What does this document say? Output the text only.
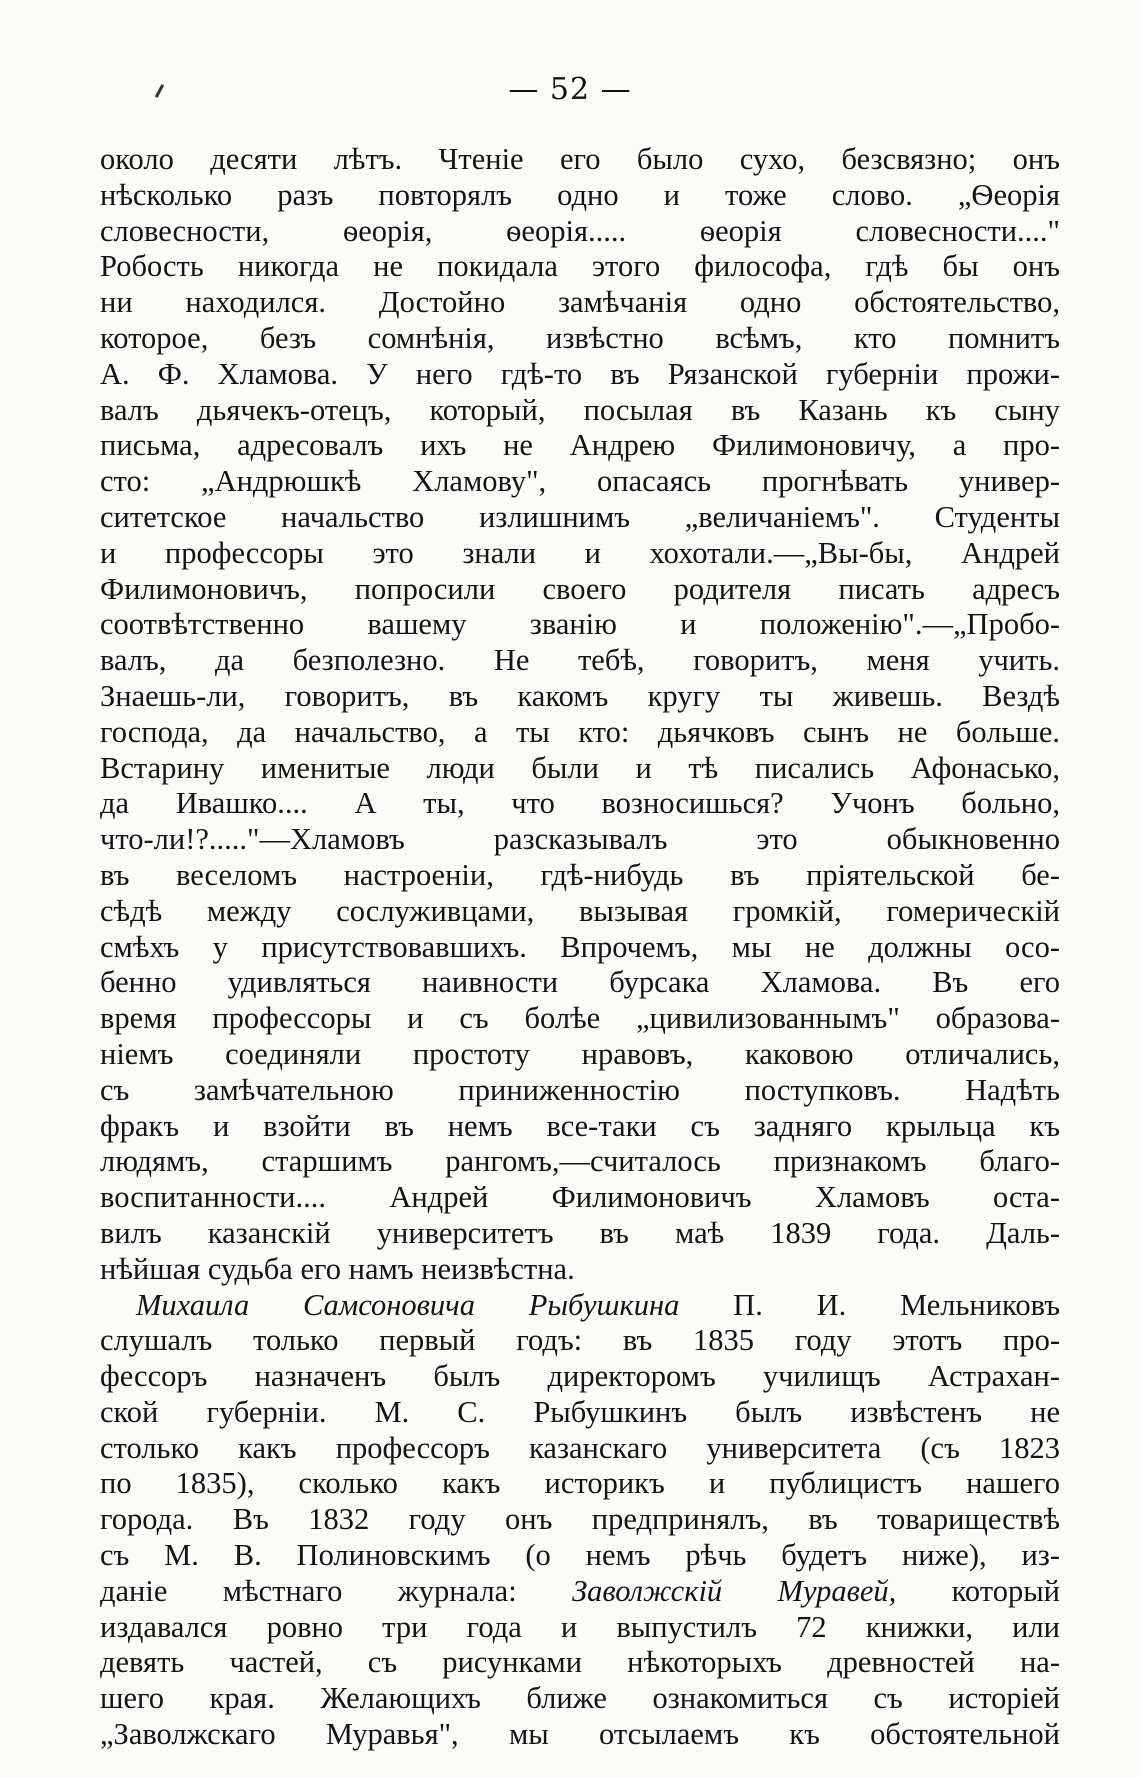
— 52 —
около десяти лѣтъ. Чтеніе его было сухо, безсвязно; онъ
нѣсколько разъ повторялъ одно и тоже слово. „Ѳеорія
словесности, ѳеорія, ѳеорія..... ѳеорія словесности...."
Робость никогда не покидала этого философа, гдѣ бы онъ
ни находился. Достойно замѣчанія одно обстоятельство,
которое, безъ сомнѣнія, извѣстно всѣмъ, кто помнитъ
А. Ф. Хламова. У него гдѣ-то въ Рязанской губерніи прожи-
валъ дьячекъ-отецъ, который, посылая въ Казань къ сыну
письма, адресовалъ ихъ не Андрею Филимоновичу, а про-
сто: „Андрюшкѣ Хламову", опасаясь прогнѣвать универ-
ситетское начальство излишнимъ „величаніемъ". Студенты
и профессоры это знали и хохотали.—„Вы-бы, Андрей
Филимоновичъ, попросили своего родителя писать адресъ
соотвѣтственно вашему званію и положенію".—„Пробо-
валъ, да безполезно. Не тебѣ, говоритъ, меня учить.
Знаешь-ли, говоритъ, въ какомъ кругу ты живешь. Вездѣ
господа, да начальство, а ты кто: дьячковъ сынъ не больше.
Встарину именитые люди были и тѣ писались Афонасько,
да Ивашко.... А ты, что возносишься? Учонъ больно,
что-ли!?....."—Хламовъ разсказывалъ это обыкновенно
въ веселомъ настроеніи, гдѣ-нибудь въ пріятельской бе-
сѣдѣ между сослуживцами, вызывая громкій, гомерическій
смѣхъ у присутствовавшихъ. Впрочемъ, мы не должны осо-
бенно удивляться наивности бурсака Хламова. Въ его
время профессоры и съ болѣе „цивилизованнымъ" образова-
ніемъ соединяли простоту нравовъ, каковою отличались,
съ замѣчательною приниженностію поступковъ. Надѣть
фракъ и взойти въ немъ все-таки съ задняго крыльца къ
людямъ, старшимъ рангомъ,—считалось признакомъ благо-
воспитанности.... Андрей Филимоновичъ Хламовъ оста-
вилъ казанскій университетъ въ маѣ 1839 года. Даль-
нѣйшая судьба его намъ неизвѣстна.
Михаила Самсоновича Рыбушкина П. И. Мельниковъ
слушалъ только первый годъ: въ 1835 году этотъ про-
фессоръ назначенъ былъ директоромъ училищъ Астрахан-
ской губерніи. М. С. Рыбушкинъ былъ извѣстенъ не
столько какъ профессоръ казанскаго университета (съ 1823
по 1835), сколько какъ историкъ и публицистъ нашего
города. Въ 1832 году онъ предпринялъ, въ товариществѣ
съ М. В. Полиновскимъ (о немъ рѣчь будетъ ниже), из-
даніе мѣстнаго журнала: Заволжскій Муравей, который
издавался ровно три года и выпустилъ 72 книжки, или
девять частей, съ рисунками нѣкоторыхъ древностей на-
шего края. Желающихъ ближе ознакомиться съ исторіей
„Заволжскаго Муравья", мы отсылаемъ къ обстоятельной
